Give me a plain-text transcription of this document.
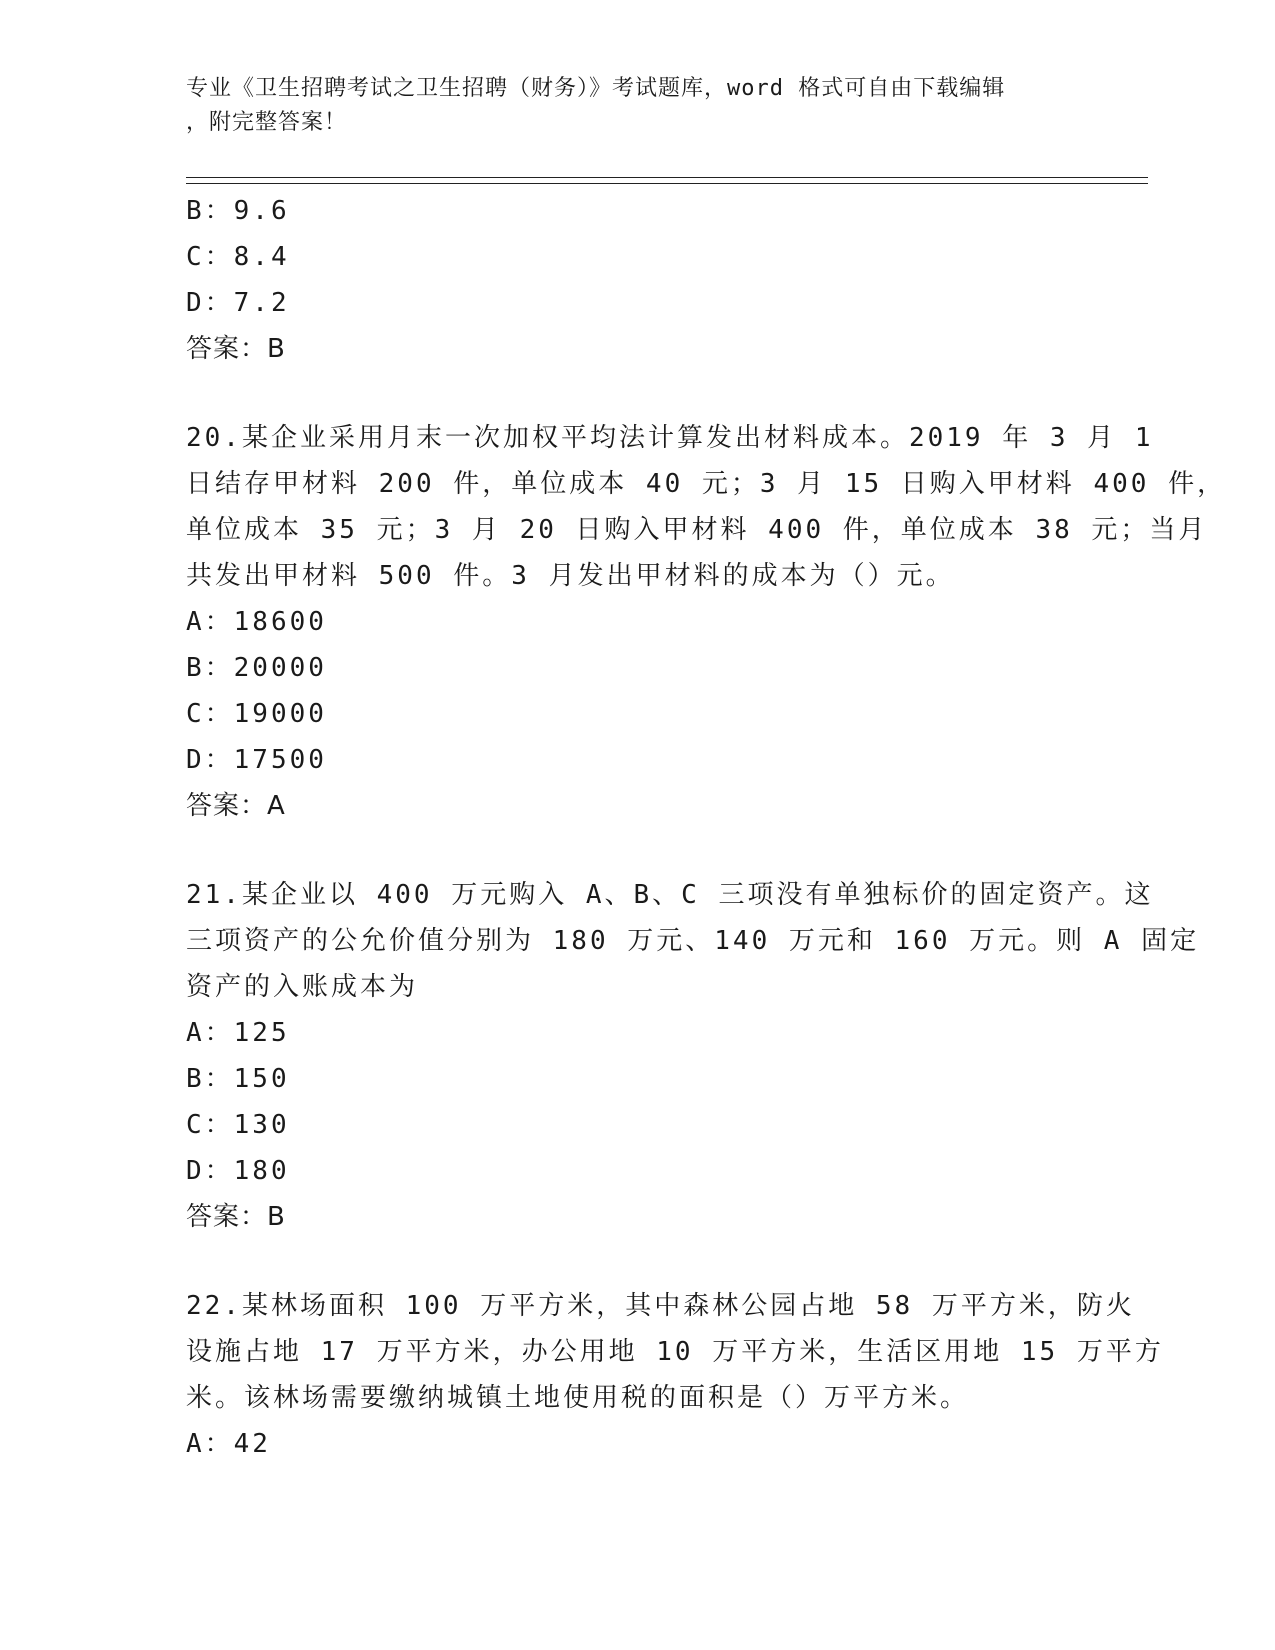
专业《卫生招聘考试之卫生招聘（财务）》考试题库，word 格式可自由下载编辑
，附完整答案！
B：9.6
C：8.4
D：7.2
答案：B
20.某企业采用月末一次加权平均法计算发出材料成本。2019 年 3 月 1
日结存甲材料 200 件，单位成本 40 元；3 月 15 日购入甲材料 400 件，
单位成本 35 元；3 月 20 日购入甲材料 400 件，单位成本 38 元；当月
共发出甲材料 500 件。3 月发出甲材料的成本为（）元。
A：18600
B：20000
C：19000
D：17500
答案：A
21.某企业以 400 万元购入 A、B、C 三项没有单独标价的固定资产。这
三项资产的公允价值分别为 180 万元、140 万元和 160 万元。则 A 固定
资产的入账成本为
A：125
B：150
C：130
D：180
答案：B
22.某林场面积 100 万平方米，其中森林公园占地 58 万平方米，防火
设施占地 17 万平方米，办公用地 10 万平方米，生活区用地 15 万平方
米。该林场需要缴纳城镇土地使用税的面积是（）万平方米。
A：42
